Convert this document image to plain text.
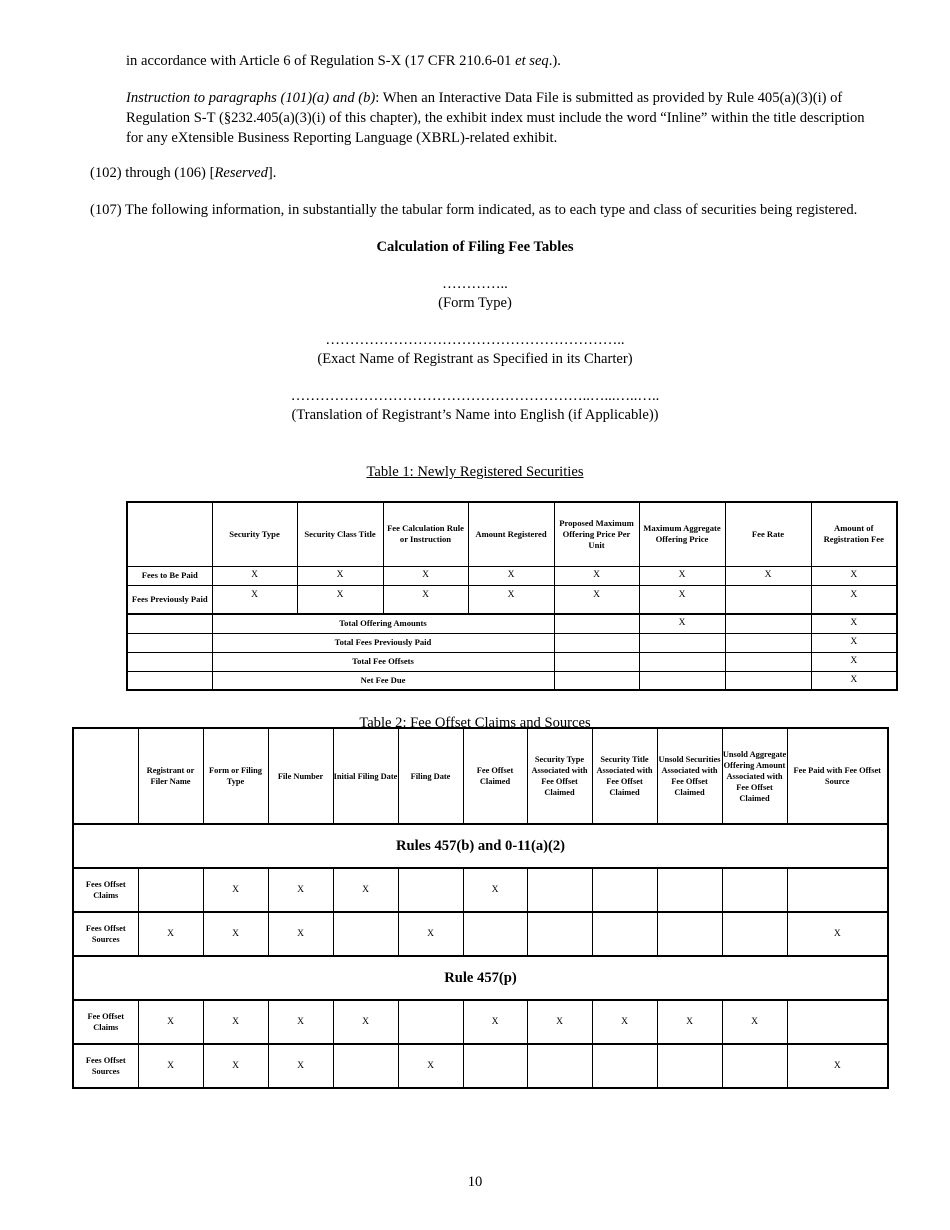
in accordance with Article 6 of Regulation S-X (17 CFR 210.6-01 et seq.).
Instruction to paragraphs (101)(a) and (b): When an Interactive Data File is submitted as provided by Rule 405(a)(3)(i) of
Regulation S-T (§232.405(a)(3)(i) of this chapter), the exhibit index must include the word “Inline” within the title description
for any eXtensible Business Reporting Language (XBRL)-related exhibit.
(102) through (106) [Reserved].
(107) The following information, in substantially the tabular form indicated, as to each type and class of securities being registered.
Calculation of Filing Fee Tables
…………..
(Form Type)
……………………………………………………..
(Exact Name of Registrant as Specified in its Charter)
……………………………………………………..…...…..…..
(Translation of Registrant’s Name into English (if Applicable))
Table 1: Newly Registered Securities
	Security Type	Security Class Title	Fee Calculation Rule or Instruction	Amount Registered	Proposed Maximum Offering Price Per Unit	Maximum Aggregate Offering Price	Fee Rate	Amount of Registration Fee
Fees to Be Paid	X	X	X	X	X	X	X	X
Fees Previously Paid	X	X	X	X	X	X		X
	Total Offering Amounts					X		X
	Total Fees Previously Paid							X
	Total Fee Offsets							X
	Net Fee Due							X
Table 2: Fee Offset Claims and Sources
	Registrant or Filer Name	Form or Filing Type	File Number	Initial Filing Date	Filing Date	Fee Offset Claimed	Security Type Associated with Fee Offset Claimed	Security Title Associated with Fee Offset Claimed	Unsold Securities Associated with Fee Offset Claimed	Unsold Aggregate Offering Amount Associated with Fee Offset Claimed	Fee Paid with Fee Offset Source
Rules 457(b) and 0-11(a)(2)											
Fees Offset Claims		X	X	X		X					
Fees Offset Sources	X	X	X		X						X
Rule 457(p)											
Fee Offset Claims	X	X	X	X		X	X	X	X	X	
Fees Offset Sources	X	X	X		X						X
10
